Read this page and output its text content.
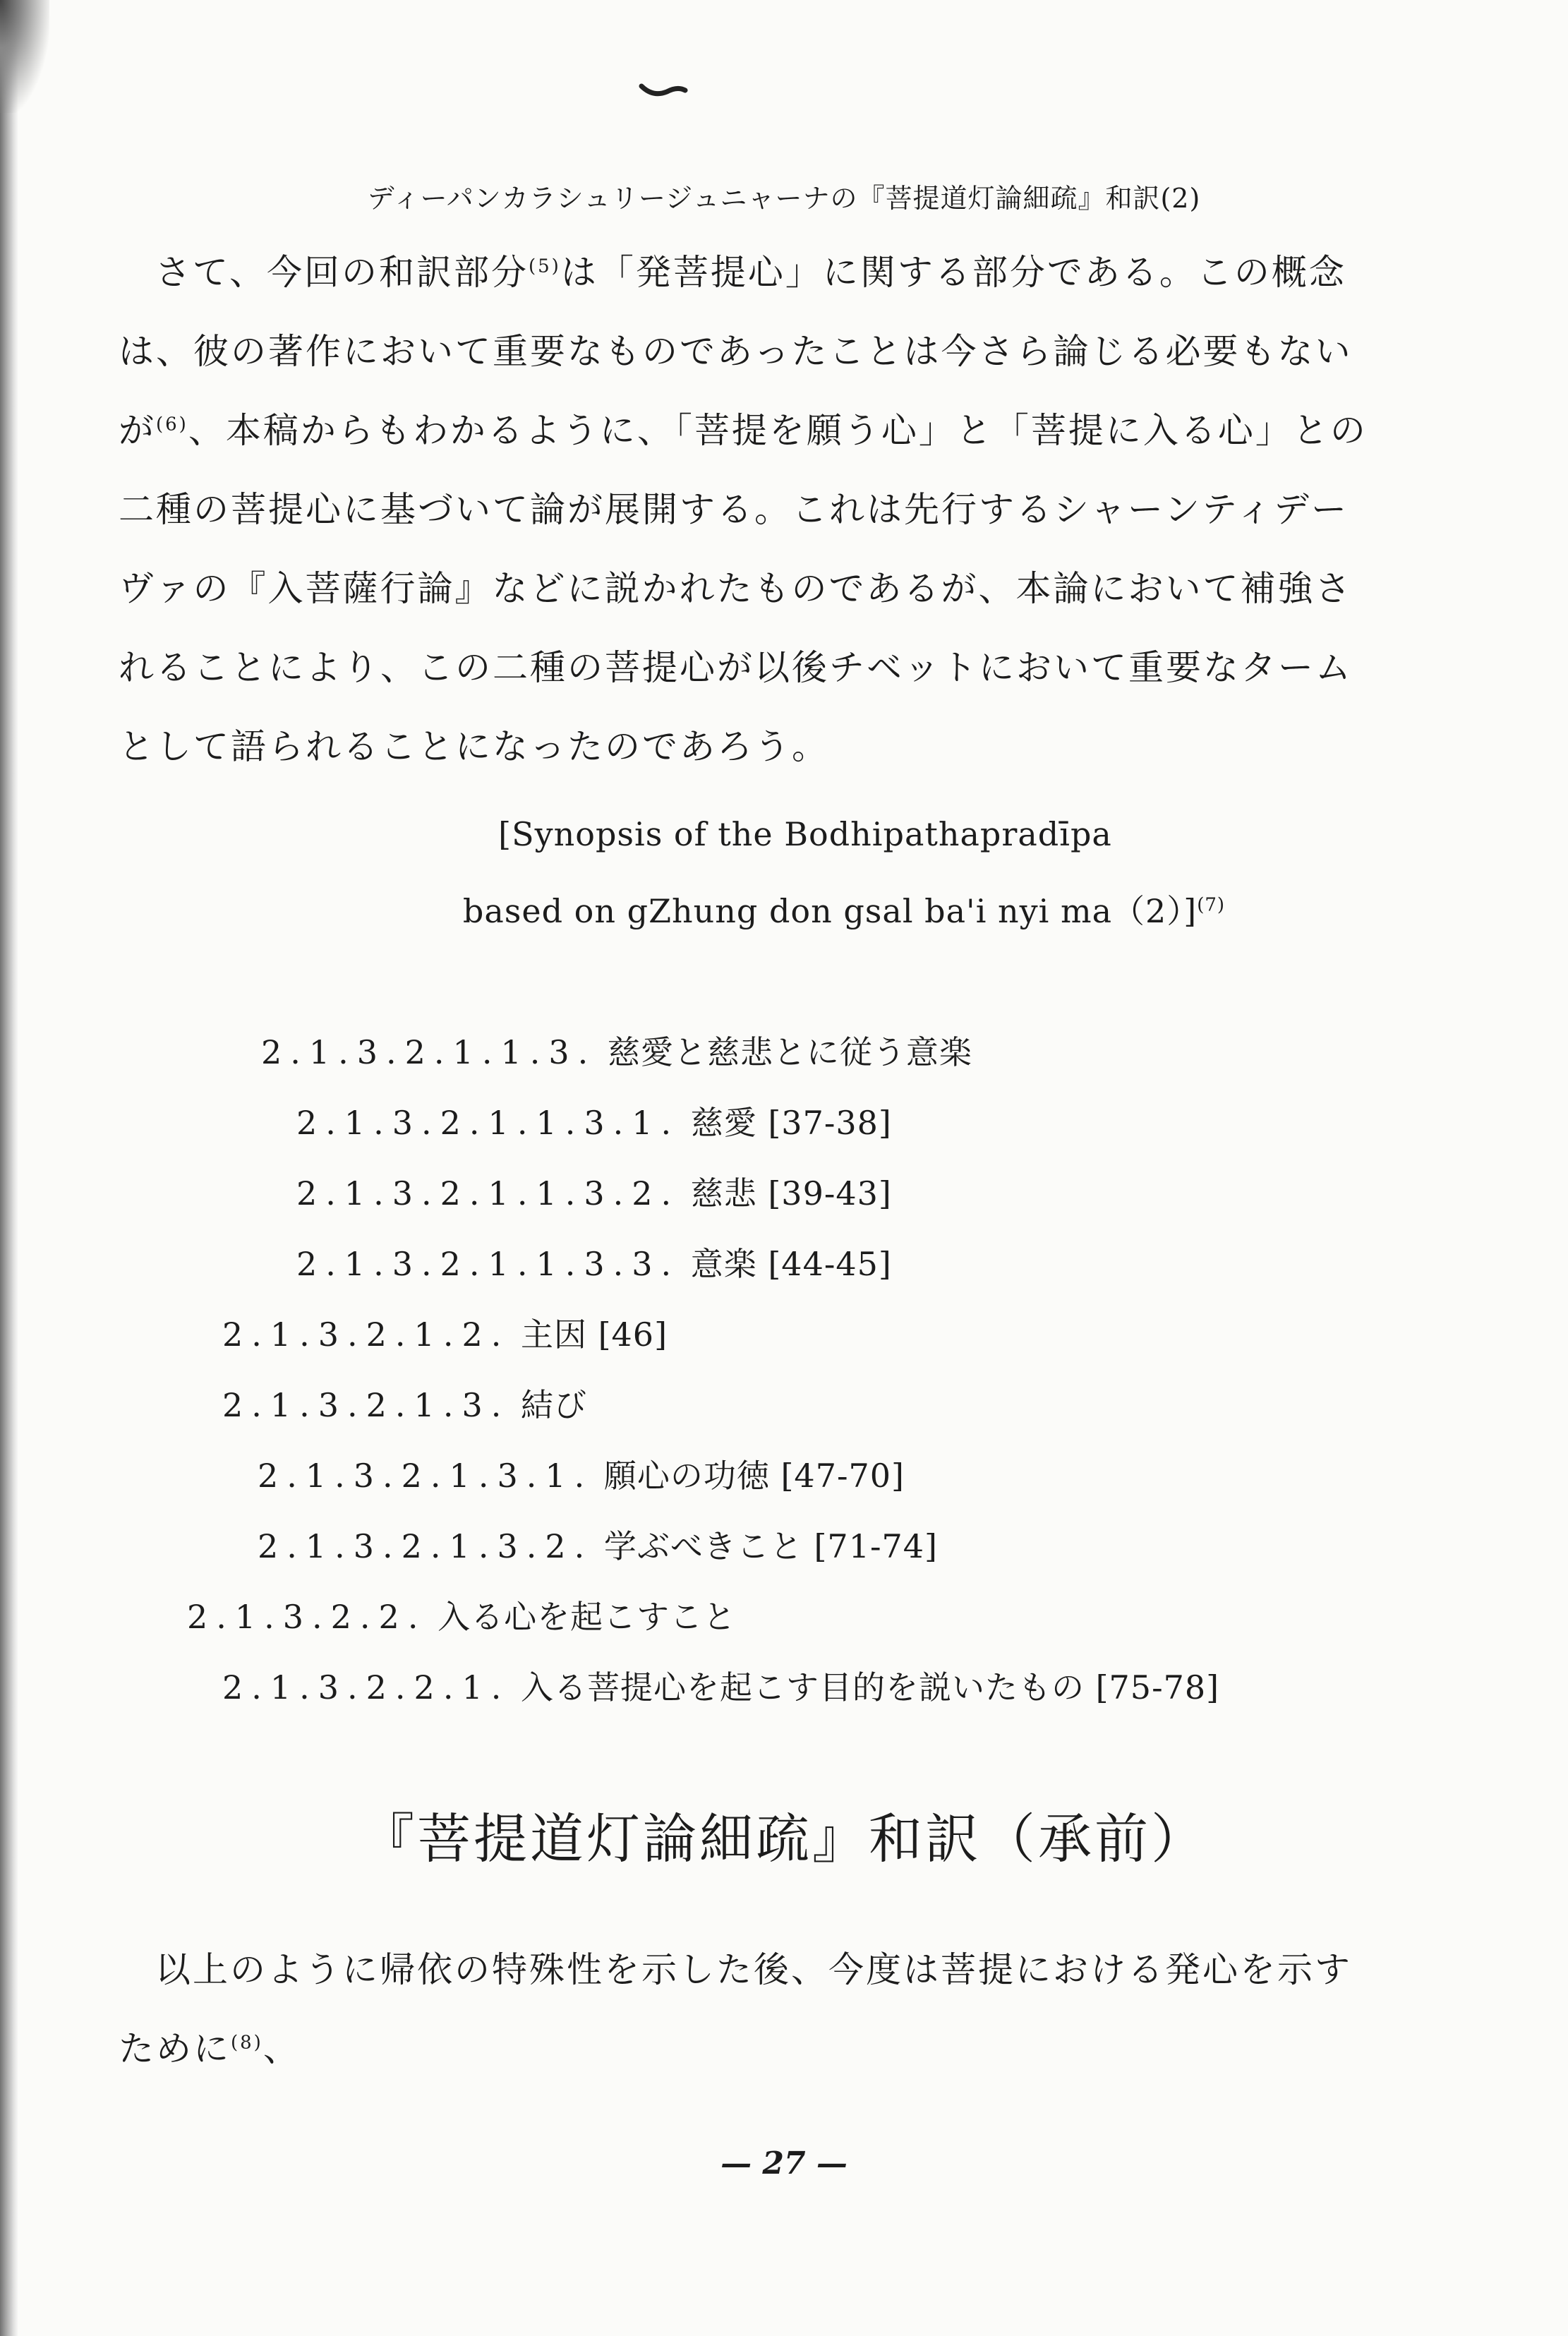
ディーパンカラシュリージュニャーナの『菩提道灯論細疏』和訳(2)

さて、今回の和訳部分$^{(5)}$は「発菩提心」に関する部分である。この概念は、彼の著作において重要なものであったことは今さら論じる必要もないが$^{(6)}$、本稿からもわかるように、「菩提を願う心」と「菩提に入る心」との二種の菩提心に基づいて論が展開する。これは先行するシャーンティデーヴァの『入菩薩行論』などに説かれたものであるが、本論において補強されることにより、この二種の菩提心が以後チベットにおいて重要なタームとして語られることになったのであろう。

[Synopsis of the Bodhipathapradīpa
based on gZhung don gsal ba'i nyi ma（2）]$^{(7)}$
2.1.3.2.1.1.3. 慈愛と慈悲とに従う意楽
2.1.3.2.1.1.3.1. 慈愛 [37-38]
2.1.3.2.1.1.3.2. 慈悲 [39-43]
2.1.3.2.1.1.3.3. 意楽 [44-45]
2.1.3.2.1.2. 主因 [46]
2.1.3.2.1.3. 結び
2.1.3.2.1.3.1. 願心の功徳 [47-70]
2.1.3.2.1.3.2. 学ぶべきこと [71-74]
2.1.3.2.2. 入る心を起こすこと
2.1.3.2.2.1. 入る菩提心を起こす目的を説いたもの [75-78]
『菩提道灯論細疏』和訳（承前）

以上のように帰依の特殊性を示した後、今度は菩提における発心を示すために$^{(8)}$、

— 27 —
